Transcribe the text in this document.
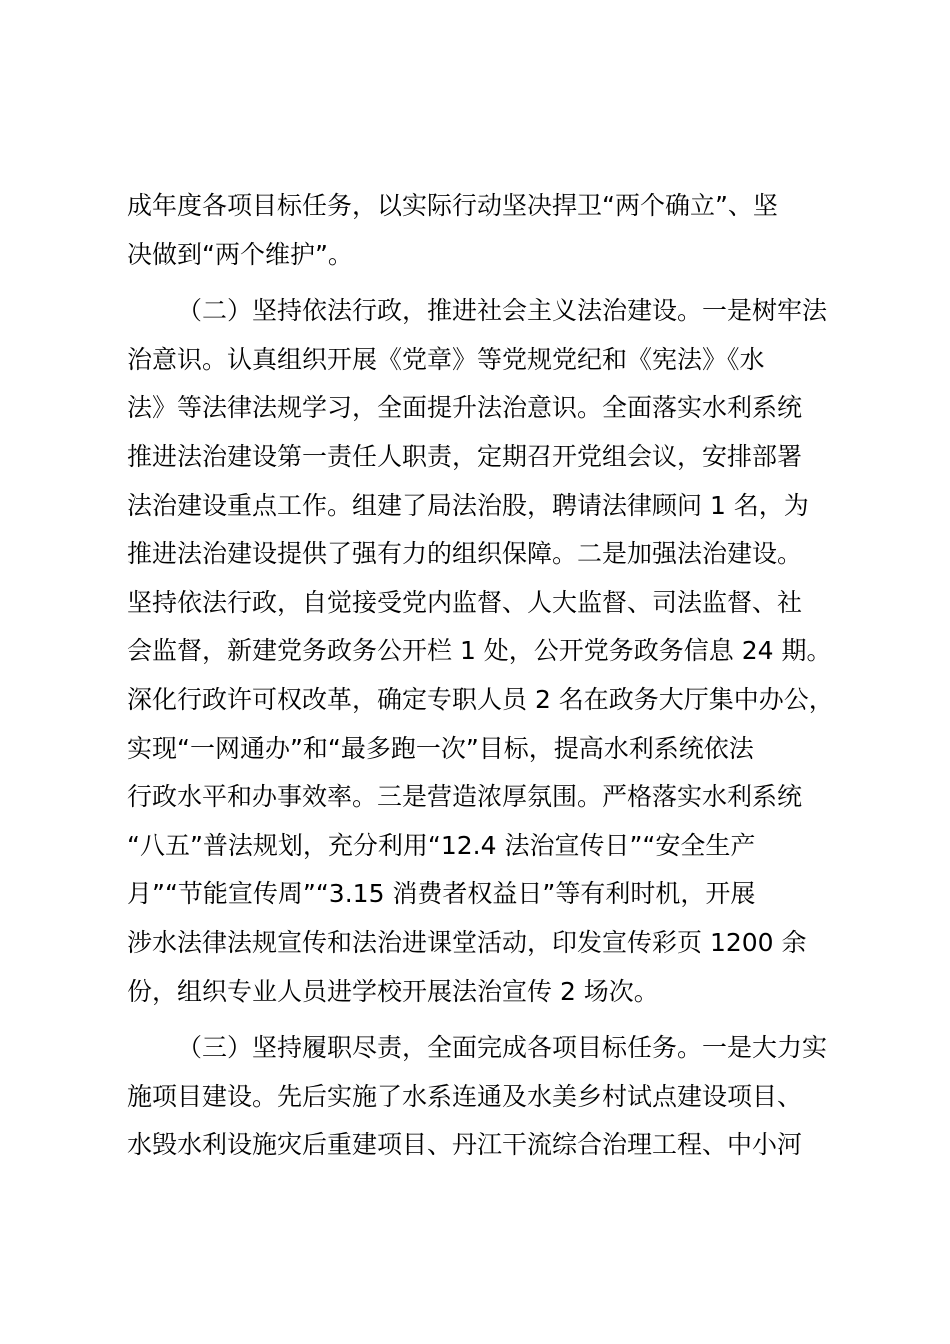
成年度各项目标任务，以实际行动坚决捍卫“两个确立”、坚
决做到“两个维护”。
（二）坚持依法行政，推进社会主义法治建设。一是树牢法
治意识。认真组织开展《党章》等党规党纪和《宪法》《水
法》等法律法规学习，全面提升法治意识。全面落实水利系统
推进法治建设第一责任人职责，定期召开党组会议，安排部署
法治建设重点工作。组建了局法治股，聘请法律顾问 1 名，为
推进法治建设提供了强有力的组织保障。二是加强法治建设。
坚持依法行政，自觉接受党内监督、人大监督、司法监督、社
会监督，新建党务政务公开栏 1 处，公开党务政务信息 24 期。
深化行政许可权改革，确定专职人员 2 名在政务大厅集中办公，
实现“一网通办”和“最多跑一次”目标，提高水利系统依法
行政水平和办事效率。三是营造浓厚氛围。严格落实水利系统
“八五”普法规划，充分利用“12.4 法治宣传日”“安全生产
月”“节能宣传周”“3.15 消费者权益日”等有利时机，开展
涉水法律法规宣传和法治进课堂活动，印发宣传彩页 1200 余
份，组织专业人员进学校开展法治宣传 2 场次。
（三）坚持履职尽责，全面完成各项目标任务。一是大力实
施项目建设。先后实施了水系连通及水美乡村试点建设项目、
水毁水利设施灾后重建项目、丹江干流综合治理工程、中小河
